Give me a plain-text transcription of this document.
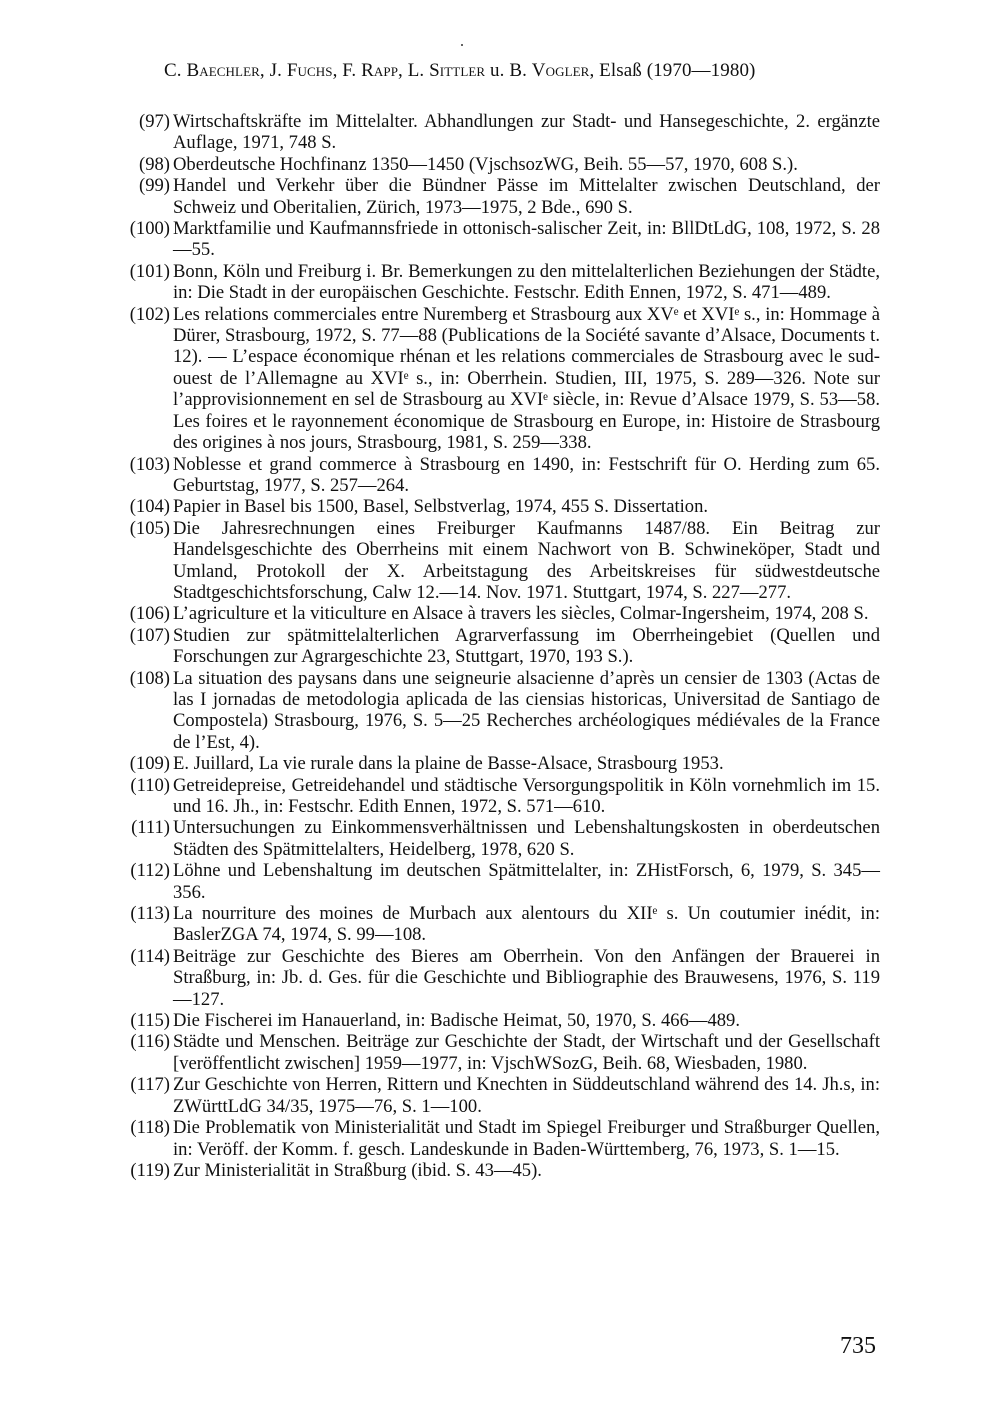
C. Baechler, J. Fuchs, F. Rapp, L. Sittler u. B. Vogler, Elsaß (1970—1980)
(97) Wirtschaftskräfte im Mittelalter. Abhandlungen zur Stadt- und Hansegeschichte, 2. ergänzte Auflage, 1971, 748 S.
(98) Oberdeutsche Hochfinanz 1350—1450 (VjschsozWG, Beih. 55—57, 1970, 608 S.).
(99) Handel und Verkehr über die Bündner Pässe im Mittelalter zwischen Deutschland, der Schweiz und Oberitalien, Zürich, 1973—1975, 2 Bde., 690 S.
(100) Marktfamilie und Kaufmannsfriede in ottonisch-salischer Zeit, in: BllDtLdG, 108, 1972, S. 28—55.
(101) Bonn, Köln und Freiburg i. Br. Bemerkungen zu den mittelalterlichen Beziehungen der Städte, in: Die Stadt in der europäischen Geschichte. Festschr. Edith Ennen, 1972, S. 471—489.
(102) Les relations commerciales entre Nuremberg et Strasbourg aux XVᵉ et XVIᵉ s., in: Hommage à Dürer, Strasbourg, 1972, S. 77—88 (Publications de la Société savante d’Alsace, Documents t. 12). — L’espace économique rhénan et les relations commerciales de Strasbourg avec le sud-ouest de l’Allemagne au XVIᵉ s., in: Oberrhein. Studien, III, 1975, S. 289—326. Note sur l’approvisionnement en sel de Strasbourg au XVIᵉ siècle, in: Revue d’Alsace 1979, S. 53—58. Les foires et le rayonnement économique de Strasbourg en Europe, in: Histoire de Strasbourg des origines à nos jours, Strasbourg, 1981, S. 259—338.
(103) Noblesse et grand commerce à Strasbourg en 1490, in: Festschrift für O. Herding zum 65. Geburtstag, 1977, S. 257—264.
(104) Papier in Basel bis 1500, Basel, Selbstverlag, 1974, 455 S. Dissertation.
(105) Die Jahresrechnungen eines Freiburger Kaufmanns 1487/88. Ein Beitrag zur Handelsgeschichte des Oberrheins mit einem Nachwort von B. Schwineköper, Stadt und Umland, Protokoll der X. Arbeitstagung des Arbeitskreises für südwestdeutsche Stadtgeschichtsforschung, Calw 12.—14. Nov. 1971. Stuttgart, 1974, S. 227—277.
(106) L’agriculture et la viticulture en Alsace à travers les siècles, Colmar-Ingersheim, 1974, 208 S.
(107) Studien zur spätmittelalterlichen Agrarverfassung im Oberrheingebiet (Quellen und Forschungen zur Agrargeschichte 23, Stuttgart, 1970, 193 S.).
(108) La situation des paysans dans une seigneurie alsacienne d’après un censier de 1303 (Actas de las I jornadas de metodologia aplicada de las ciensias historicas, Universitad de Santiago de Compostela) Strasbourg, 1976, S. 5—25 Recherches archéologiques médiévales de la France de l’Est, 4).
(109) E. Juillard, La vie rurale dans la plaine de Basse-Alsace, Strasbourg 1953.
(110) Getreidepreise, Getreidehandel und städtische Versorgungspolitik in Köln vornehmlich im 15. und 16. Jh., in: Festschr. Edith Ennen, 1972, S. 571—610.
(111) Untersuchungen zu Einkommensverhältnissen und Lebenshaltungskosten in oberdeutschen Städten des Spätmittelalters, Heidelberg, 1978, 620 S.
(112) Löhne und Lebenshaltung im deutschen Spätmittelalter, in: ZHistForsch, 6, 1979, S. 345—356.
(113) La nourriture des moines de Murbach aux alentours du XIIᵉ s. Un coutumier inédit, in: BaslerZGA 74, 1974, S. 99—108.
(114) Beiträge zur Geschichte des Bieres am Oberrhein. Von den Anfängen der Brauerei in Straßburg, in: Jb. d. Ges. für die Geschichte und Bibliographie des Brauwesens, 1976, S. 119—127.
(115) Die Fischerei im Hanauerland, in: Badische Heimat, 50, 1970, S. 466—489.
(116) Städte und Menschen. Beiträge zur Geschichte der Stadt, der Wirtschaft und der Gesellschaft [veröffentlicht zwischen] 1959—1977, in: VjschWSozG, Beih. 68, Wiesbaden, 1980.
(117) Zur Geschichte von Herren, Rittern und Knechten in Süddeutschland während des 14. Jh.s, in: ZWürttLdG 34/35, 1975—76, S. 1—100.
(118) Die Problematik von Ministerialität und Stadt im Spiegel Freiburger und Straßburger Quellen, in: Veröff. der Komm. f. gesch. Landeskunde in Baden-Württemberg, 76, 1973, S. 1—15.
(119) Zur Ministerialität in Straßburg (ibid. S. 43—45).
735
